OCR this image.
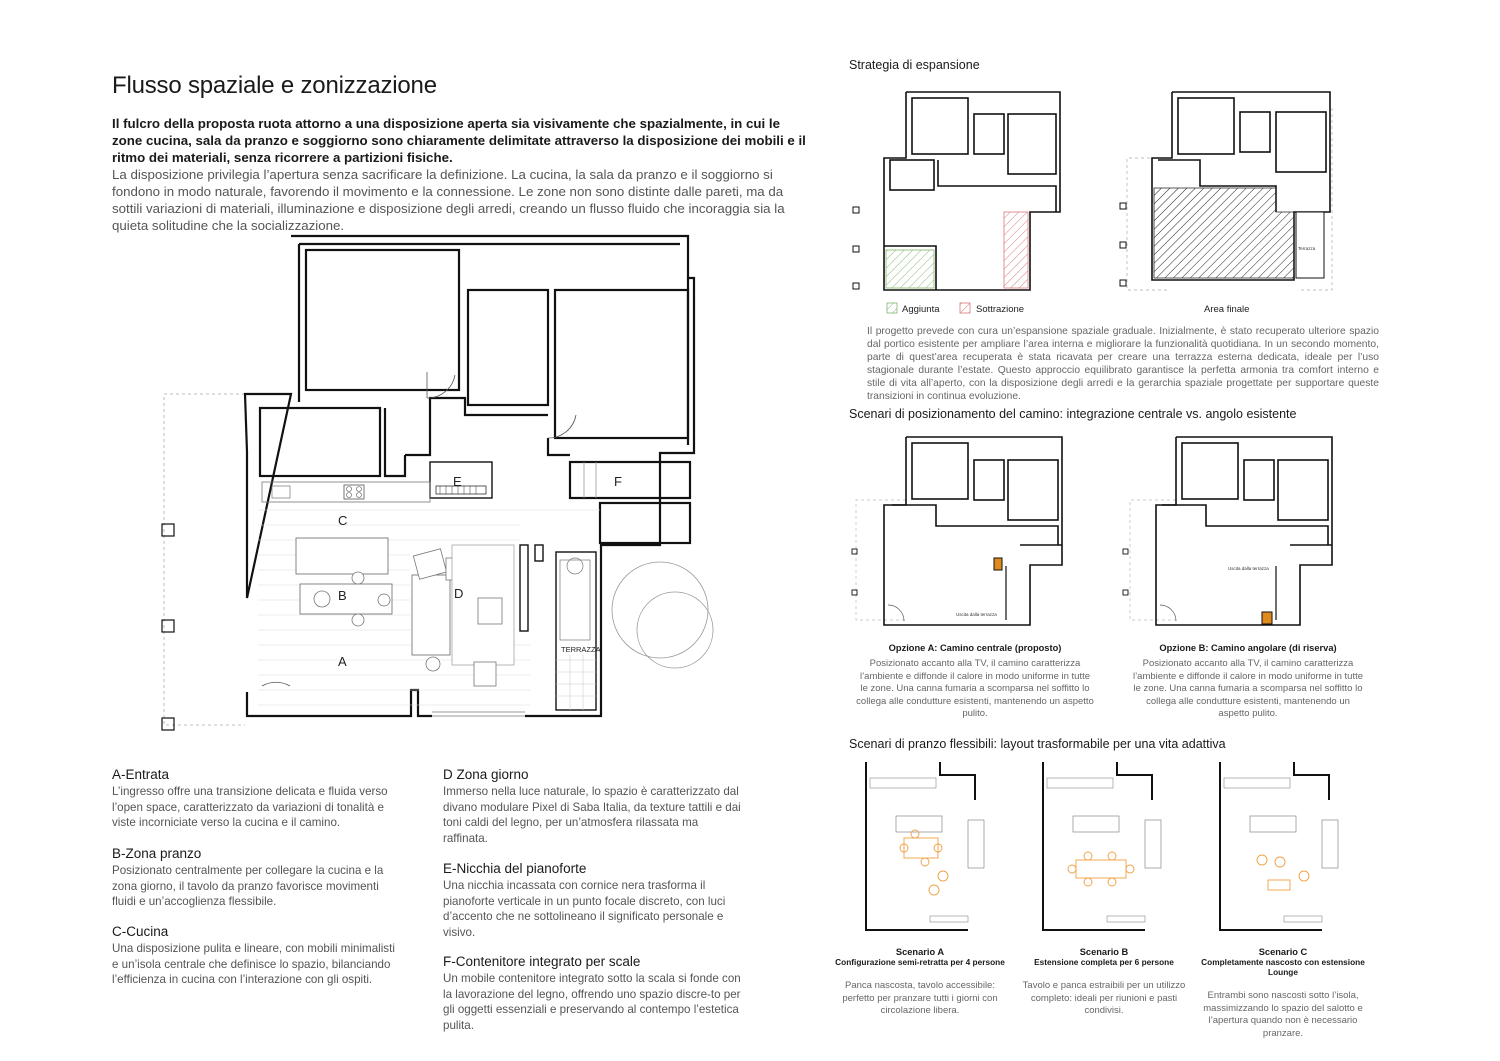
Flusso spaziale e zonizzazione
Il fulcro della proposta ruota attorno a una disposizione aperta sia visivamente che spazialmente, in cui le zone cucina, sala da pranzo e soggiorno sono chiaramente delimitate attraverso la disposizione dei mobili e il ritmo dei materiali, senza ricorrere a partizioni fisiche.
La disposizione privilegia l’apertura senza sacrificare la definizione. La cucina, la sala da pranzo e il soggiorno si fondono in modo naturale, favorendo il movimento e la connessione. Le zone non sono distinte dalle pareti, ma da sottili variazioni di materiali, illuminazione e disposizione degli arredi, creando un flusso fluido che incoraggia sia la quieta solitudine che la socializzazione.
C
B
A
D
E	F
TERRAZZA
A-Entrata

L’ingresso offre una transizione delicata e fluida verso l’open space, caratterizzato da variazioni di tonalità e viste incorniciate verso la cucina e il camino.

B-Zona pranzo

Posizionato centralmente per collegare la cucina e la zona giorno, il tavolo da pranzo favorisce movimenti fluidi e un’accoglienza flessibile.

C-Cucina

Una disposizione pulita e lineare, con mobili minimalisti e un’isola centrale che definisce lo spazio, bilanciando l’efficienza in cucina con l’interazione con gli ospiti.

D Zona giorno

Immerso nella luce naturale, lo spazio è caratterizzato dal divano modulare Pixel di Saba Italia, da texture tattili e dai toni caldi del legno, per un’atmosfera rilassata ma raffinata.

E-Nicchia del pianoforte

Una nicchia incassata con cornice nera trasforma il pianoforte verticale in un punto focale discreto, con luci d’accento che ne sottolineano il significato personale e visivo.

F-Contenitore integrato per scale

Un mobile contenitore integrato sotto la scala si fonde con la lavorazione del legno, offrendo uno spazio discre-to per gli oggetti essenziali e preservando al contempo l’estetica pulita.

Strategia di espansione
Aggiunta	Sottrazione
Terrazza
Area finale
Il progetto prevede con cura un’espansione spaziale graduale. Inizialmente, è stato recuperato ulteriore spazio dal portico esistente per ampliare l’area interna e migliorare la funzionalità quotidiana. In un secondo momento, parte di quest’area recuperata è stata ricavata per creare una terrazza esterna dedicata, ideale per l’uso stagionale durante l’estate. Questo approccio equilibrato garantisce la perfetta armonia tra comfort interno e stile di vita all’aperto, con la disposizione degli arredi e la gerarchia spaziale progettate per supportare queste transizioni in continua evoluzione.
Scenari di posizionamento del camino: integrazione centrale vs. angolo esistente
Uscita dalla terrazza
Uscita dalla terrazza
Opzione A: Camino centrale (proposto)
Posizionato accanto alla TV, il camino caratterizza l’ambiente e diffonde il calore in modo uniforme in tutte le zone. Una canna fumaria a scomparsa nel soffitto lo collega alle condutture esistenti, mantenendo un aspetto pulito.
Opzione B: Camino angolare (di riserva)
Posizionato accanto alla TV, il camino caratterizza l’ambiente e diffonde il calore in modo uniforme in tutte le zone. Una canna fumaria a scomparsa nel soffitto lo collega alle condutture esistenti, mantenendo un aspetto pulito.
Scenari di pranzo flessibili: layout trasformabile per una vita adattiva
Scenario A
Configurazione semi-retratta per 4 persone
Panca nascosta, tavolo accessibile: perfetto per pranzare tutti i giorni con circolazione libera.
Scenario B
Estensione completa per 6 persone
Tavolo e panca estraibili per un utilizzo completo: ideali per riunioni e pasti condivisi.
Scenario C
Completamente nascosto con estensione Lounge
Entrambi sono nascosti sotto l’isola, massimizzando lo spazio del salotto e l’apertura quando non è necessario pranzare.
